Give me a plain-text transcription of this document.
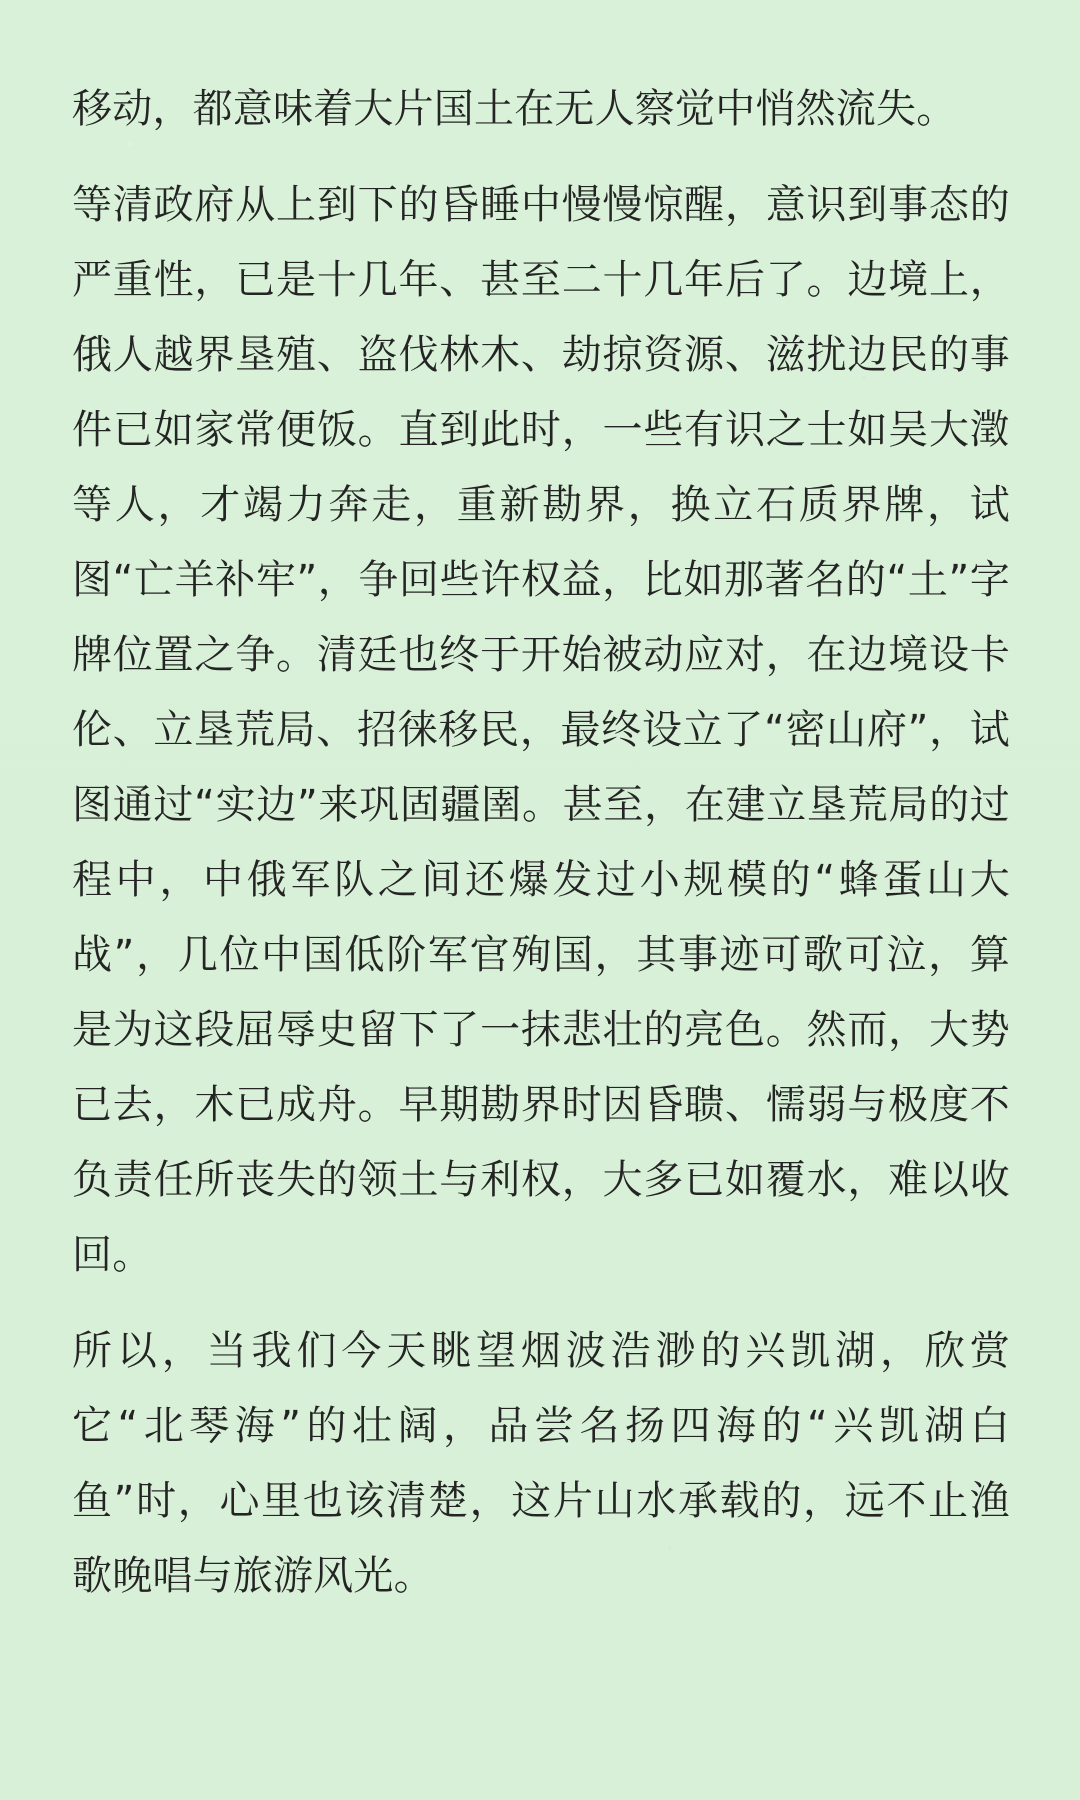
移动，都意味着大片国土在无人察觉中悄然流失。

等清政府从上到下的昏睡中慢慢惊醒，意识到事态的严重性，已是十几年、甚至二十几年后了。边境上，俄人越界垦殖、盗伐林木、劫掠资源、滋扰边民的事件已如家常便饭。直到此时，一些有识之士如吴大澂等人，才竭力奔走，重新勘界，换立石质界牌，试图“亡羊补牢”，争回些许权益，比如那著名的“土”字牌位置之争。清廷也终于开始被动应对，在边境设卡伦、立垦荒局、招徕移民，最终设立了“密山府”，试图通过“实边”来巩固疆圉。甚至，在建立垦荒局的过程中，中俄军队之间还爆发过小规模的“蜂蛋山大战”，几位中国低阶军官殉国，其事迹可歌可泣，算是为这段屈辱史留下了一抹悲壮的亮色。然而，大势已去，木已成舟。早期勘界时因昏聩、懦弱与极度不负责任所丧失的领土与利权，大多已如覆水，难以收回。

所以，当我们今天眺望烟波浩渺的兴凯湖，欣赏它“北琴海”的壮阔，品尝名扬四海的“兴凯湖白鱼”时，心里也该清楚，这片山水承载的，远不止渔歌晚唱与旅游风光。
